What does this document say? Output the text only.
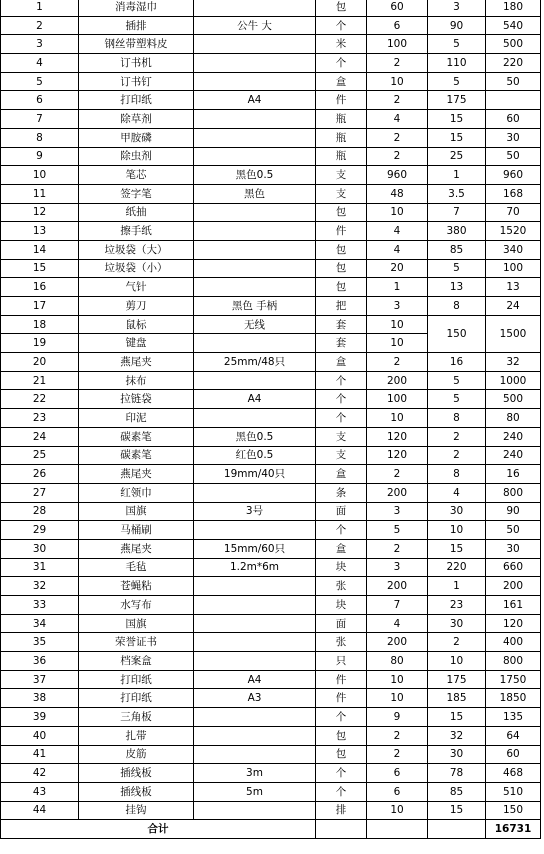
1	消毒湿巾		包	60	3	180
2	插排	公牛 大	个	6	90	540
3	钢丝带塑料皮		米	100	5	500
4	订书机		个	2	110	220
5	订书钉		盒	10	5	50
6	打印纸	A4	件	2	175	
7	除草剂		瓶	4	15	60
8	甲胺磷		瓶	2	15	30
9	除虫剂		瓶	2	25	50
10	笔芯	黑色0.5	支	960	1	960
11	签字笔	黑色	支	48	3.5	168
12	纸抽		包	10	7	70
13	擦手纸		件	4	380	1520
14	垃圾袋（大）		包	4	85	340
15	垃圾袋（小）		包	20	5	100
16	气针		包	1	13	13
17	剪刀	黑色 手柄	把	3	8	24
18	鼠标	无线	套	10	150	1500
19	键盘		套	10		
20	燕尾夹	25mm/48只	盒	2	16	32
21	抹布		个	200	5	1000
22	拉链袋	A4	个	100	5	500
23	印泥		个	10	8	80
24	碳素笔	黑色0.5	支	120	2	240
25	碳素笔	红色0.5	支	120	2	240
26	燕尾夹	19mm/40只	盒	2	8	16
27	红领巾		条	200	4	800
28	国旗	3号	面	3	30	90
29	马桶刷		个	5	10	50
30	燕尾夹	15mm/60只	盒	2	15	30
31	毛毡	1.2m*6m	块	3	220	660
32	苍蝇粘		张	200	1	200
33	水写布		块	7	23	161
34	国旗		面	4	30	120
35	荣誉证书		张	200	2	400
36	档案盒		只	80	10	800
37	打印纸	A4	件	10	175	1750
38	打印纸	A3	件	10	185	1850
39	三角板		个	9	15	135
40	扎带		包	2	32	64
41	皮筋		包	2	30	60
42	插线板	3m	个	6	78	468
43	插线板	5m	个	6	85	510
44	挂钩		排	10	15	150
合计						16731
